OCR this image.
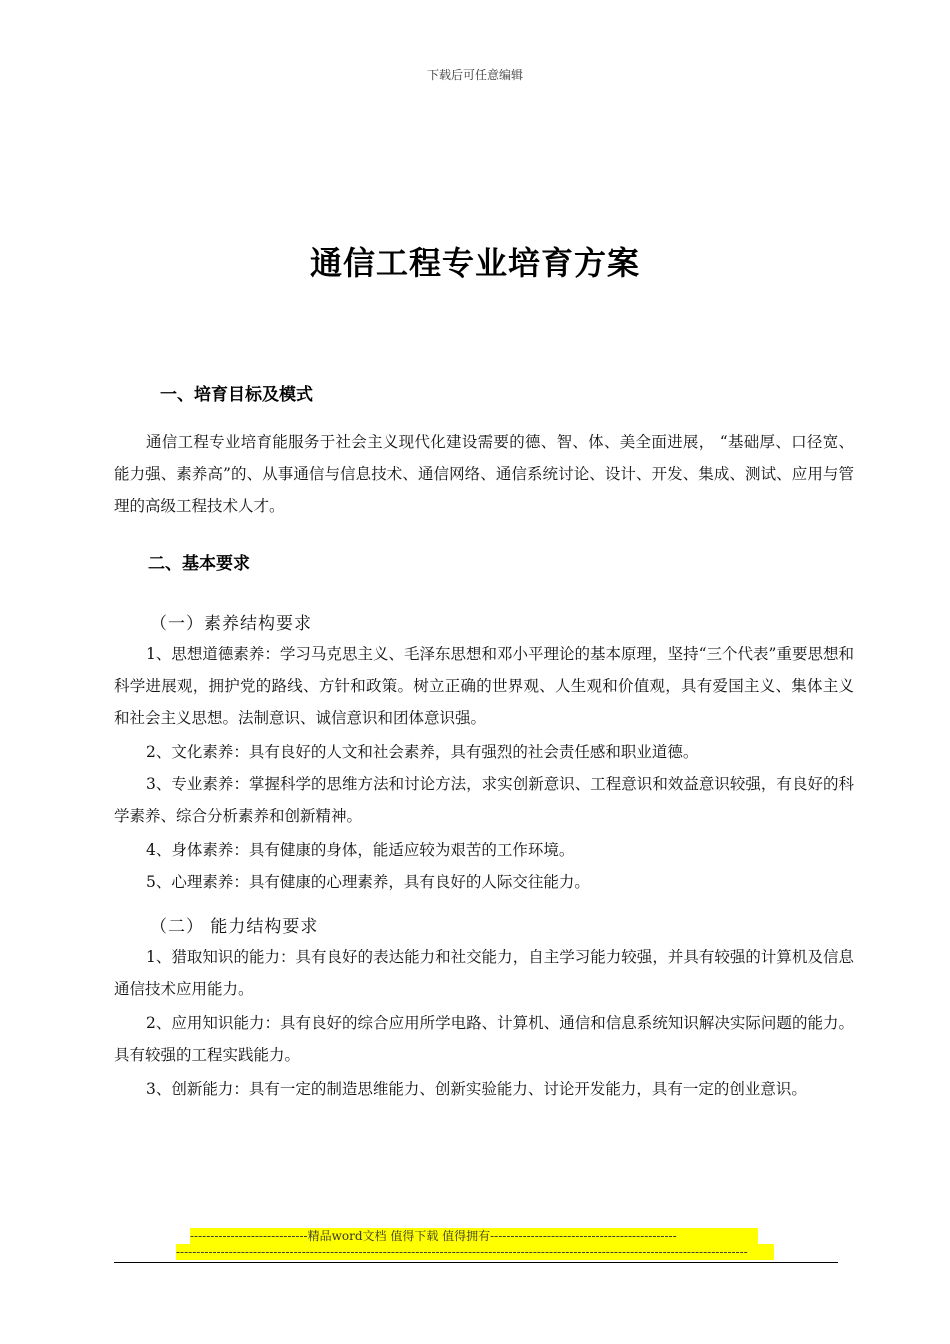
下载后可任意编辑
通信工程专业培育方案
一、培育目标及模式

通信工程专业培育能服务于社会主义现代化建设需要的德、智、体、美全面进展， “基础厚、口径宽、能力强、素养高”的、从事通信与信息技术、通信网络、通信系统讨论、设计、开发、集成、测试、应用与管理的高级工程技术人才。

二、基本要求
（一）素养结构要求

1、思想道德素养：学习马克思主义、毛泽东思想和邓小平理论的基本原理，坚持“三个代表”重要思想和科学进展观，拥护党的路线、方针和政策。树立正确的世界观、人生观和价值观，具有爱国主义、集体主义和社会主义思想。法制意识、诚信意识和团体意识强。

2、文化素养：具有良好的人文和社会素养，具有强烈的社会责任感和职业道德。

3、专业素养：掌握科学的思维方法和讨论方法，求实创新意识、工程意识和效益意识较强，有良好的科学素养、综合分析素养和创新精神。

4、身体素养：具有健康的身体，能适应较为艰苦的工作环境。

5、心理素养：具有健康的心理素养，具有良好的人际交往能力。

（二） 能力结构要求

1、猎取知识的能力：具有良好的表达能力和社交能力，自主学习能力较强，并具有较强的计算机及信息通信技术应用能力。

2、应用知识能力：具有良好的综合应用所学电路、计算机、通信和信息系统知识解决实际问题的能力。具有较强的工程实践能力。

3、创新能力：具有一定的制造思维能力、创新实验能力、讨论开发能力，具有一定的创业意识。

-----------------------------精品word文档 值得下载 值得拥有----------------------------------------------
---------------------------------------------------------------------------------------------------------------------------------------------
